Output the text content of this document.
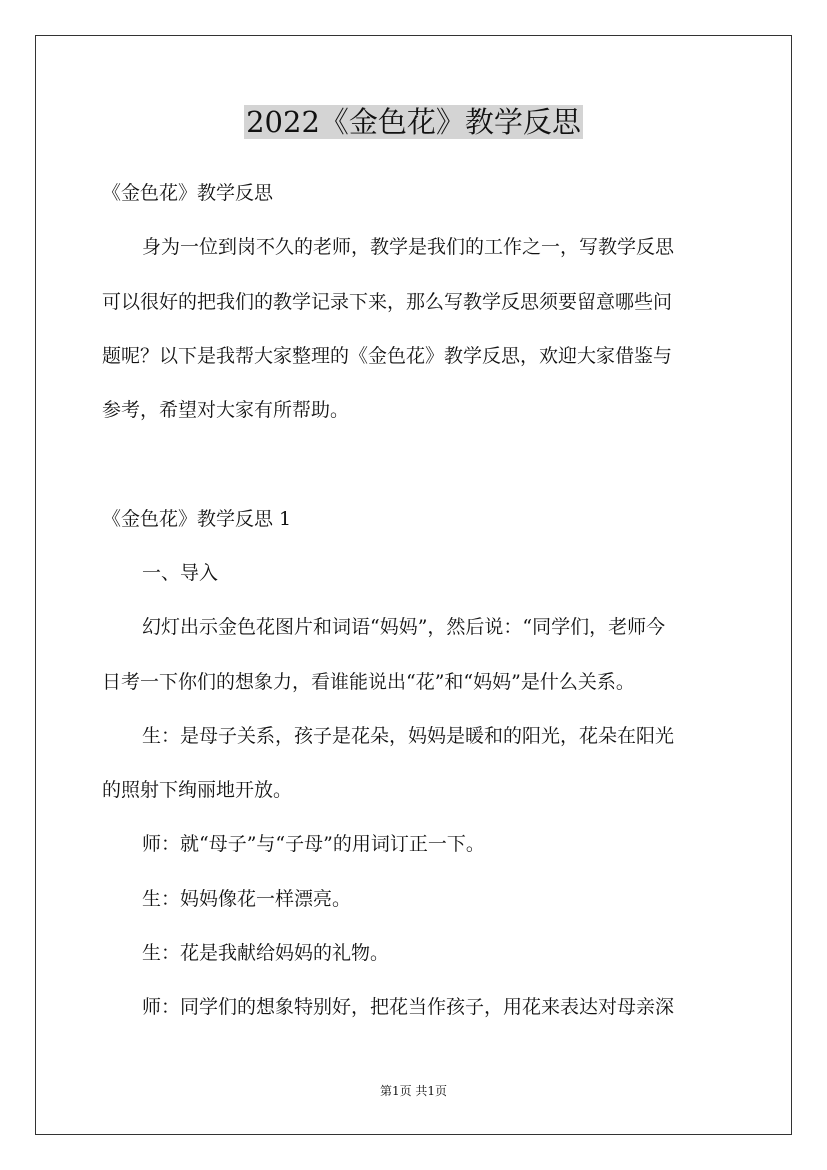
2022《金色花》教学反思

《金色花》教学反思

身为一位到岗不久的老师，教学是我们的工作之一，写教学反思

可以很好的把我们的教学记录下来，那么写教学反思须要留意哪些问

题呢？以下是我帮大家整理的《金色花》教学反思，欢迎大家借鉴与

参考，希望对大家有所帮助。

《金色花》教学反思 1

一、导入

幻灯出示金色花图片和词语“妈妈”，然后说：“同学们，老师今

日考一下你们的想象力，看谁能说出“花”和“妈妈”是什么关系。

生：是母子关系，孩子是花朵，妈妈是暖和的阳光，花朵在阳光

的照射下绚丽地开放。

师：就“母子”与“子母”的用词订正一下。

生：妈妈像花一样漂亮。

生：花是我献给妈妈的礼物。

师：同学们的想象特别好，把花当作孩子，用花来表达对母亲深

第1页 共1页
